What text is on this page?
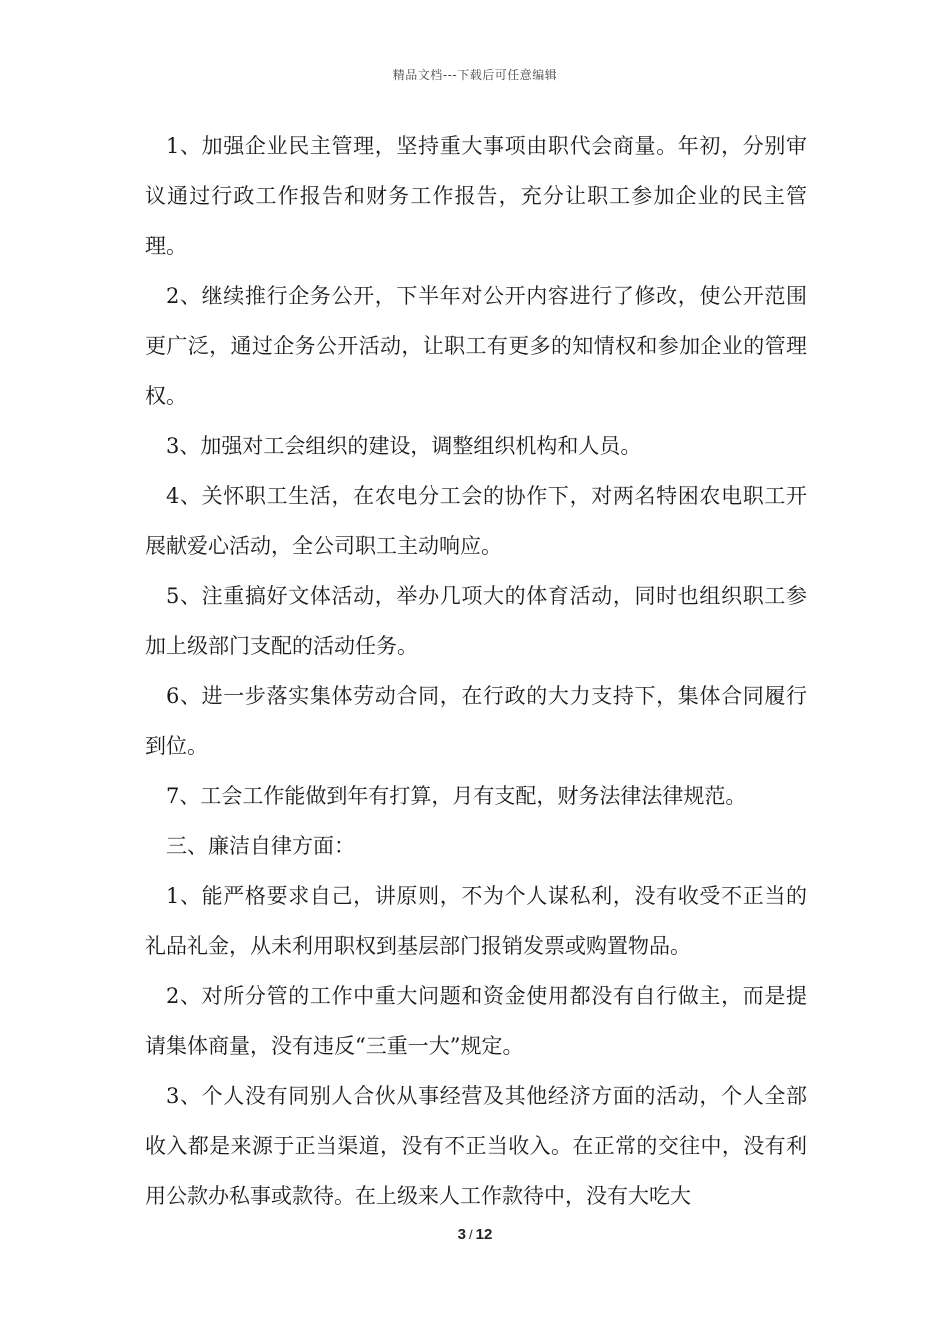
精品文档---下载后可任意编辑

1、加强企业民主管理，坚持重大事项由职代会商量。年初，分别审议通过行政工作报告和财务工作报告，充分让职工参加企业的民主管理。

2、继续推行企务公开，下半年对公开内容进行了修改，使公开范围更广泛，通过企务公开活动，让职工有更多的知情权和参加企业的管理权。

3、加强对工会组织的建设，调整组织机构和人员。

4、关怀职工生活，在农电分工会的协作下，对两名特困农电职工开展献爱心活动，全公司职工主动响应。

5、注重搞好文体活动，举办几项大的体育活动，同时也组织职工参加上级部门支配的活动任务。

6、进一步落实集体劳动合同，在行政的大力支持下，集体合同履行到位。

7、工会工作能做到年有打算，月有支配，财务法律法律规范。

三、廉洁自律方面：

1、能严格要求自己，讲原则，不为个人谋私利，没有收受不正当的礼品礼金，从未利用职权到基层部门报销发票或购置物品。

2、对所分管的工作中重大问题和资金使用都没有自行做主，而是提请集体商量，没有违反“三重一大”规定。

3、个人没有同别人合伙从事经营及其他经济方面的活动，个人全部收入都是来源于正当渠道，没有不正当收入。在正常的交往中，没有利用公款办私事或款待。在上级来人工作款待中，没有大吃大

3 / 12
